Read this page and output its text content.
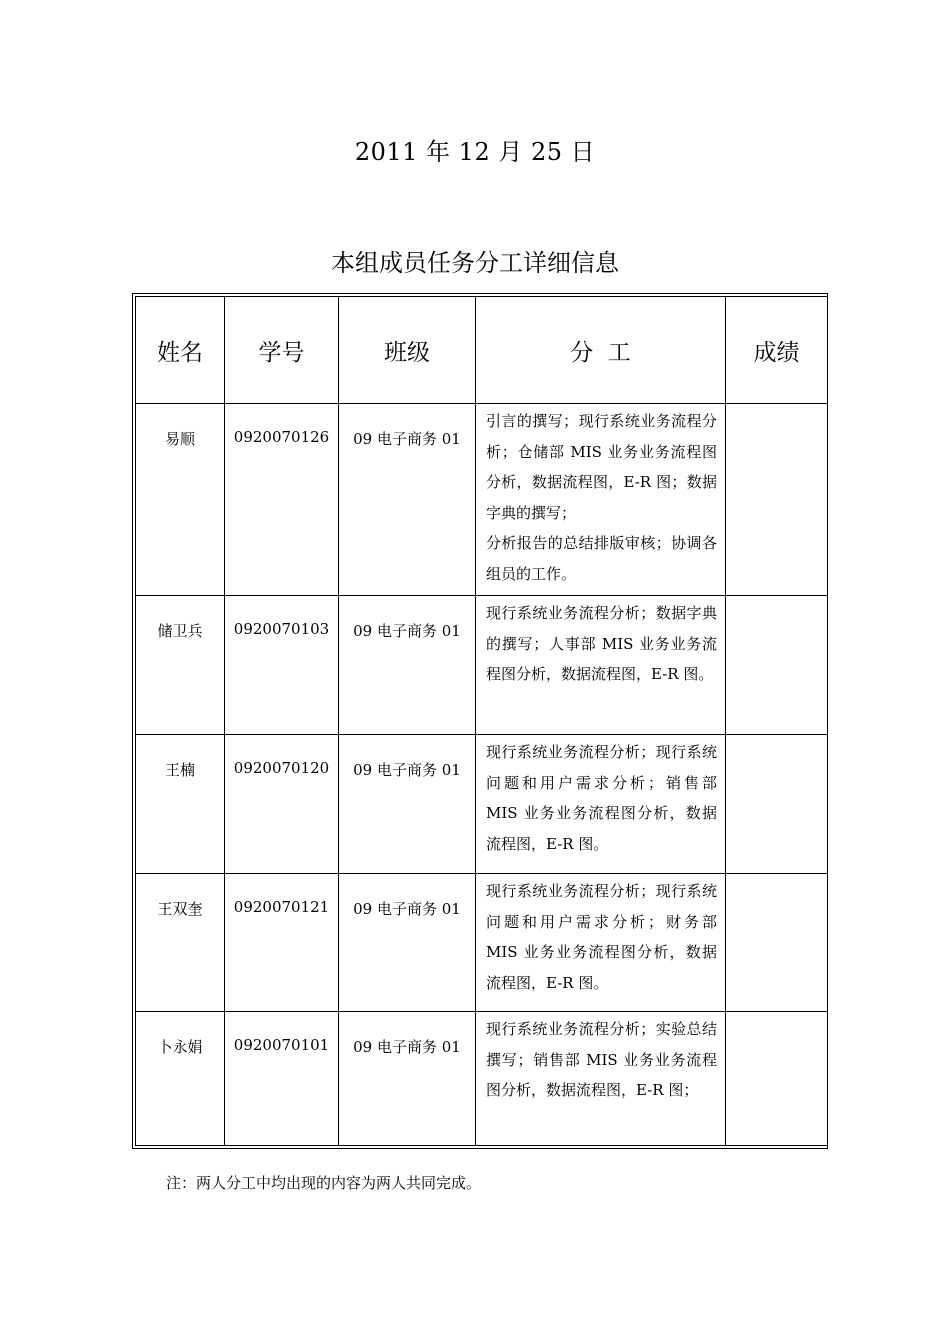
2011 年 12 月 25 日
本组成员任务分工详细信息
姓名	学号	班级	分  工	成绩
易顺	0920070126	09 电子商务 01	引言的撰写；现行系统业务流程分析；仓储部 MIS 业务业务流程图分析，数据流程图，E-R 图；数据字典的撰写；

分析报告的总结排版审核；协调各组员的工作。	

储卫兵	0920070103	09 电子商务 01	现行系统业务流程分析；数据字典的撰写；人事部 MIS 业务业务流程图分析，数据流程图，E-R 图。	

王楠	0920070120	09 电子商务 01	现行系统业务流程分析；现行系统问题和用户需求分析；销售部 MIS 业务业务流程图分析，数据流程图，E-R 图。	

王双奎	0920070121	09 电子商务 01	现行系统业务流程分析；现行系统问题和用户需求分析；财务部 MIS 业务业务流程图分析，数据流程图，E-R 图。	

卜永娟	0920070101	09 电子商务 01	现行系统业务流程分析；实验总结撰写；销售部 MIS 业务业务流程图分析，数据流程图，E-R 图；	

注：两人分工中均出现的内容为两人共同完成。
